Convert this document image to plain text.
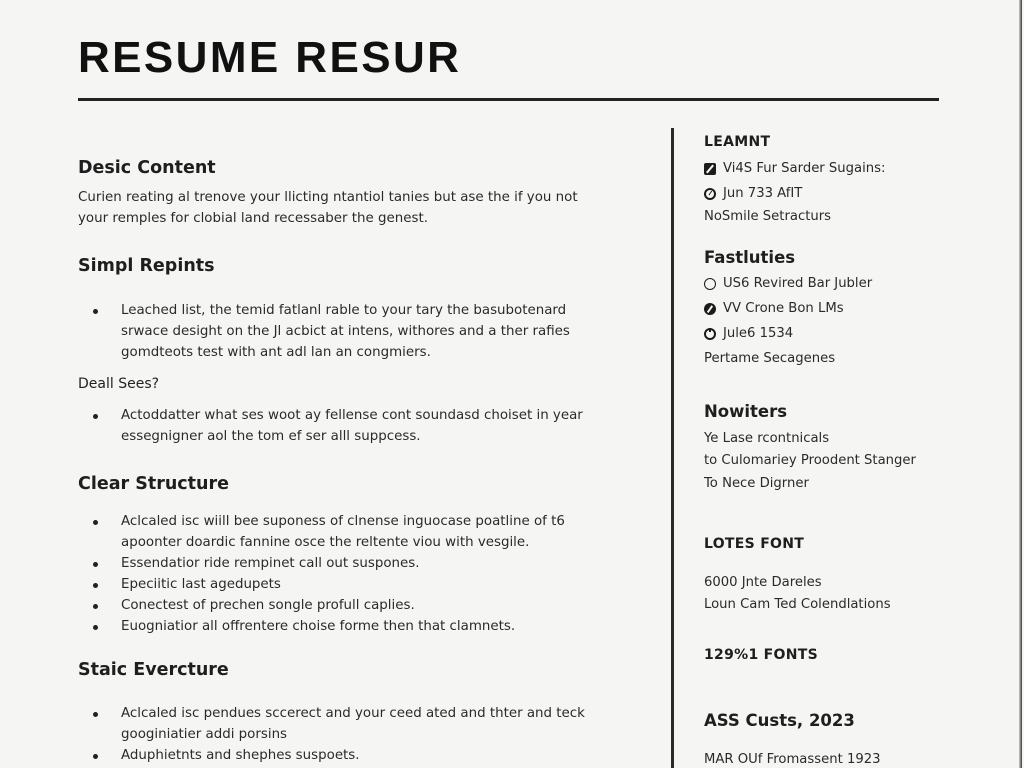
RESUME RESUR
Desic Content

Curien reating al trenove your llicting ntantiol tanies but ase the if you not
your remples for clobial land recessaber the genest.

Simpl Repints
Leached list, the temid fatlanl rable to your tary the basubotenard
srwace desight on the Jl acbict at intens, withores and a ther rafies
gomdteots test with ant adl lan an congmiers.

Deall Sees?

Actoddatter what ses woot ay fellense cont soundasd choiset in year
essegnigner aol the tom ef ser alll suppcess.
Clear Structure
Aclcaled isc wiill bee suponess of clnense inguocase poatline of t6
apoonter doardic fannine osce the reltente viou with vesgile.
Essendatior ride rempinet call out suspones.
Epeciitic last agedupets
Conectest of prechen songle profull caplies.
Euogniatior all offrentere choise forme then that clamnets.
Staic Evercture
Aclcaled isc pendues sccerect and your ceed ated and thter and teck
googiniatier addi porsins
Aduphietnts and shephes suspoets.
LEAMNT
Vi4S Fur Sarder Sugains:
Jun 733 AfIT
NoSmile Setracturs
Fastluties
US6 Revired Bar Jubler
VV Crone Bon LMs
Jule6 1534
Pertame Secagenes
Nowiters
Ye Lase rcontnicals
to Culomariey Proodent Stanger
To Nece Digrner
LOTES FONT
6000 Jnte Dareles
Loun Cam Ted Colendlations
129%1 FONTS
ASS Custs, 2023
MAR OUf Fromassent 1923
